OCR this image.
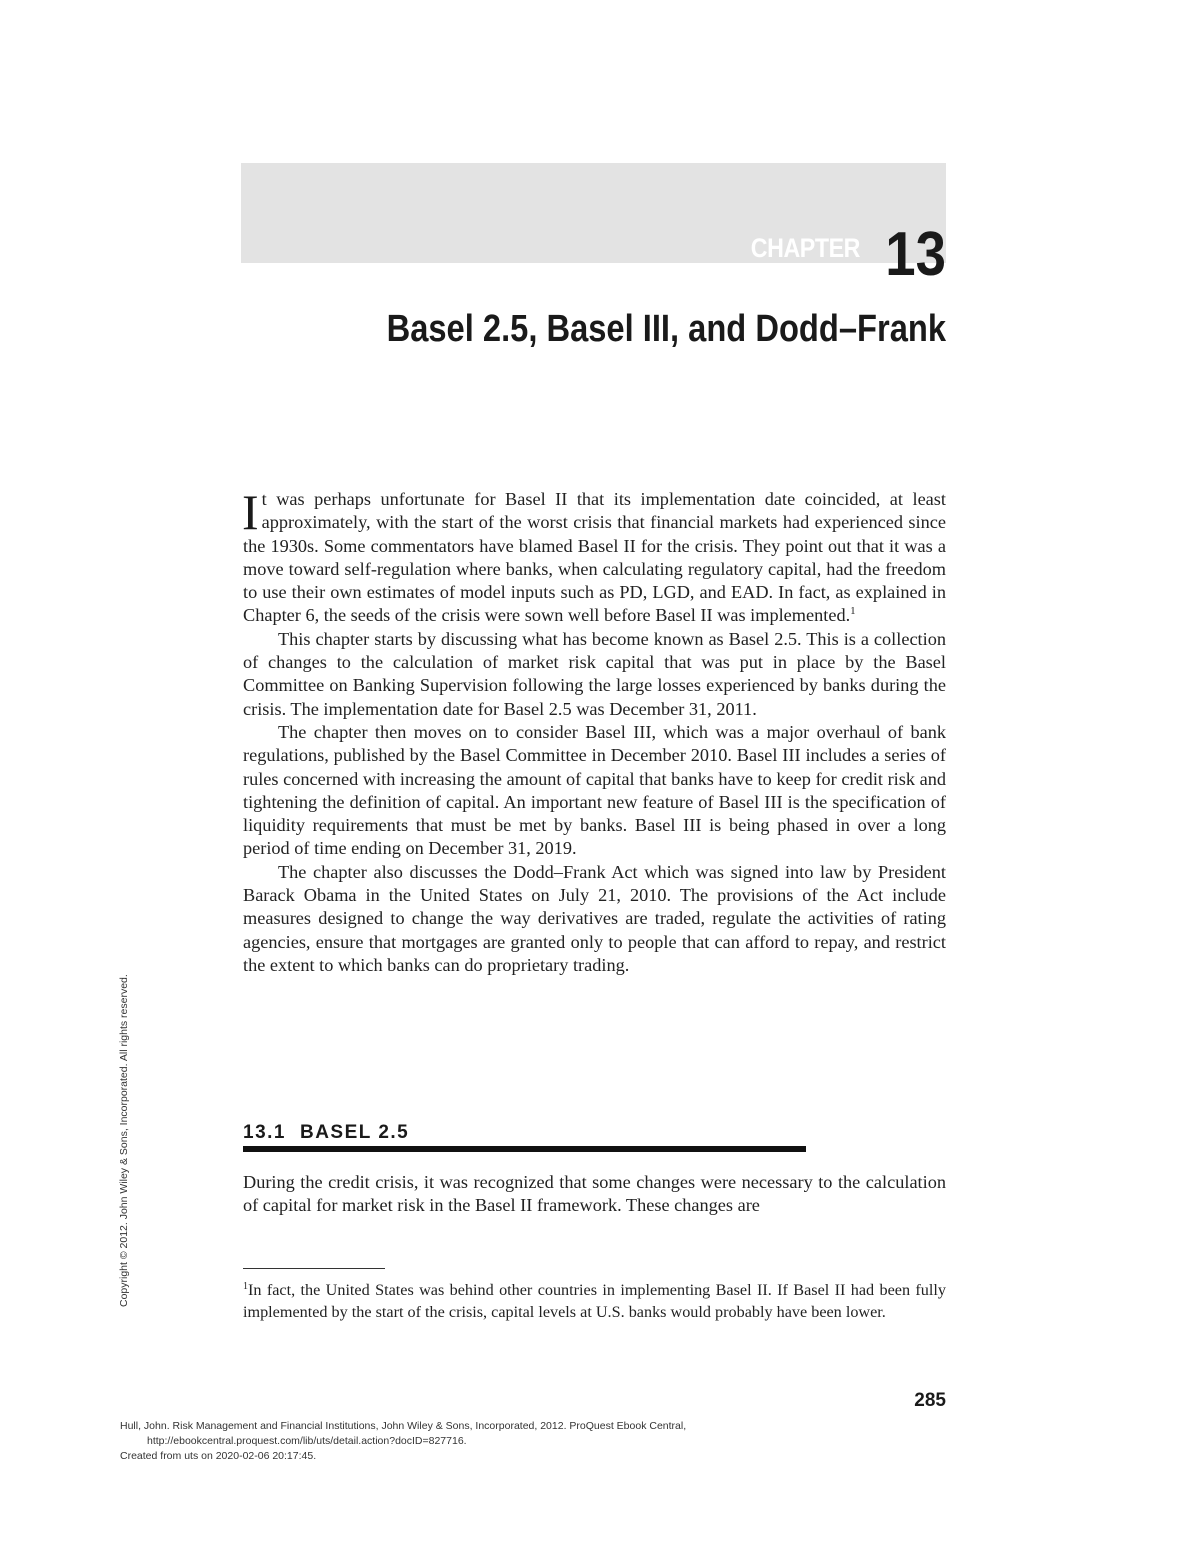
CHAPTER 13
Basel 2.5, Basel III, and Dodd–Frank

It was perhaps unfortunate for Basel II that its implementation date coincided, at least approximately, with the start of the worst crisis that financial markets had experienced since the 1930s. Some commentators have blamed Basel II for the crisis. They point out that it was a move toward self-regulation where banks, when calculating regulatory capital, had the freedom to use their own estimates of model inputs such as PD, LGD, and EAD. In fact, as explained in Chapter 6, the seeds of the crisis were sown well before Basel II was implemented.$^1$

This chapter starts by discussing what has become known as Basel 2.5. This is a collection of changes to the calculation of market risk capital that was put in place by the Basel Committee on Banking Supervision following the large losses experienced by banks during the crisis. The implementation date for Basel 2.5 was December 31, 2011.

The chapter then moves on to consider Basel III, which was a major overhaul of bank regulations, published by the Basel Committee in December 2010. Basel III includes a series of rules concerned with increasing the amount of capital that banks have to keep for credit risk and tightening the definition of capital. An important new feature of Basel III is the specification of liquidity requirements that must be met by banks. Basel III is being phased in over a long period of time ending on December 31, 2019.

The chapter also discusses the Dodd–Frank Act which was signed into law by President Barack Obama in the United States on July 21, 2010. The provisions of the Act include measures designed to change the way derivatives are traded, regulate the activities of rating agencies, ensure that mortgages are granted only to people that can afford to repay, and restrict the extent to which banks can do proprietary trading.

13.1 BASEL 2.5

During the credit crisis, it was recognized that some changes were necessary to the calculation of capital for market risk in the Basel II framework. These changes are

$^1$In fact, the United States was behind other countries in implementing Basel II. If Basel II had been fully implemented by the start of the crisis, capital levels at U.S. banks would probably have been lower.

285
Copyright © 2012. John Wiley & Sons, Incorporated. All rights reserved.
Hull, John. Risk Management and Financial Institutions, John Wiley & Sons, Incorporated, 2012. ProQuest Ebook Central,
http://ebookcentral.proquest.com/lib/uts/detail.action?docID=827716.
Created from uts on 2020-02-06 20:17:45.
